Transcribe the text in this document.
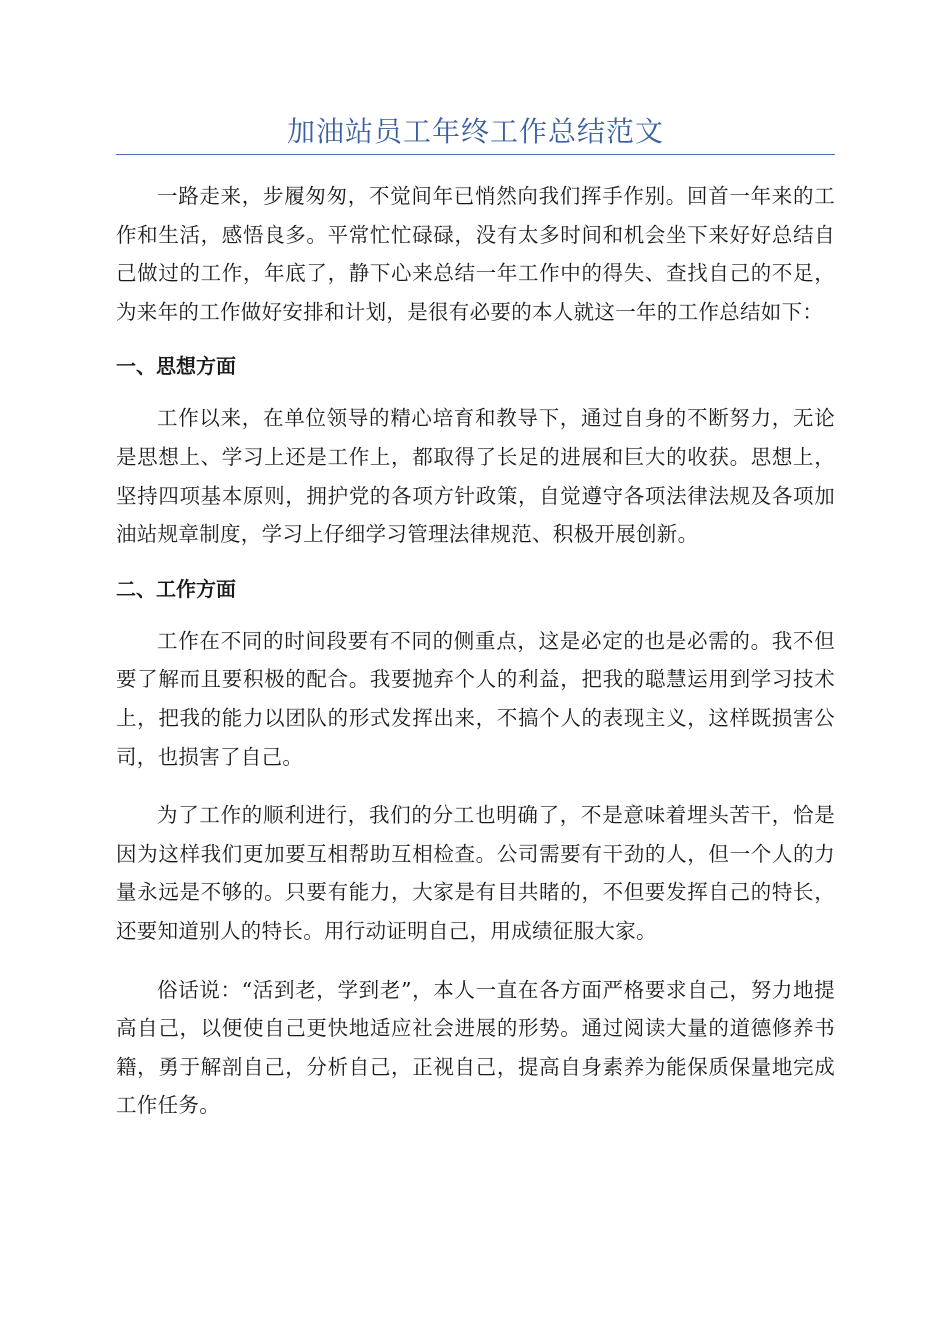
加油站员工年终工作总结范文

一路走来，步履匆匆，不觉间年已悄然向我们挥手作别。回首一年来的工作和生活，感悟良多。平常忙忙碌碌，没有太多时间和机会坐下来好好总结自己做过的工作，年底了，静下心来总结一年工作中的得失、查找自己的不足，为来年的工作做好安排和计划，是很有必要的本人就这一年的工作总结如下：

一、思想方面

工作以来，在单位领导的精心培育和教导下，通过自身的不断努力，无论是思想上、学习上还是工作上，都取得了长足的进展和巨大的收获。思想上，坚持四项基本原则，拥护党的各项方针政策，自觉遵守各项法律法规及各项加油站规章制度，学习上仔细学习管理法律规范、积极开展创新。

二、工作方面

工作在不同的时间段要有不同的侧重点，这是必定的也是必需的。我不但要了解而且要积极的配合。我要抛弃个人的利益，把我的聪慧运用到学习技术上，把我的能力以团队的形式发挥出来，不搞个人的表现主义，这样既损害公司，也损害了自己。

为了工作的顺利进行，我们的分工也明确了，不是意味着埋头苦干，恰是因为这样我们更加要互相帮助互相检查。公司需要有干劲的人，但一个人的力量永远是不够的。只要有能力，大家是有目共睹的，不但要发挥自己的特长，还要知道别人的特长。用行动证明自己，用成绩征服大家。

俗话说：“活到老，学到老”，本人一直在各方面严格要求自己，努力地提高自己，以便使自己更快地适应社会进展的形势。通过阅读大量的道德修养书籍，勇于解剖自己，分析自己，正视自己，提高自身素养为能保质保量地完成工作任务。
